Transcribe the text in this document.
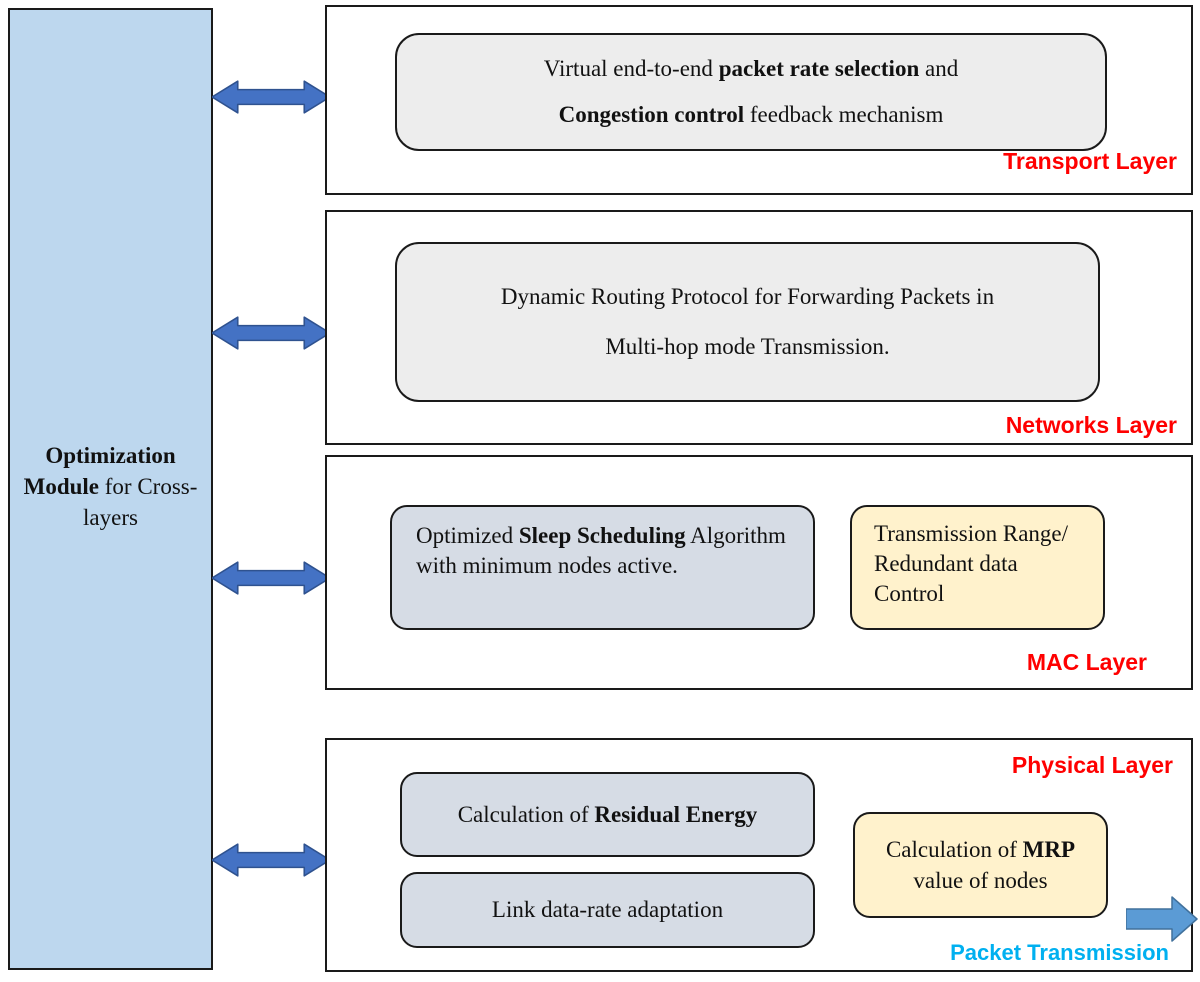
Optimization Module for Cross-layers

Virtual end-to-end packet rate selection and

Congestion control feedback mechanism

Transport Layer

Dynamic Routing Protocol for Forwarding Packets in

Multi-hop mode Transmission.

Networks Layer

Optimized Sleep Scheduling Algorithm with minimum nodes active.

Transmission Range/ Redundant data Control

MAC Layer
Physical Layer

Calculation of Residual Energy

Link data-rate adaptation

Calculation of MRP

value of nodes

Packet Transmission
